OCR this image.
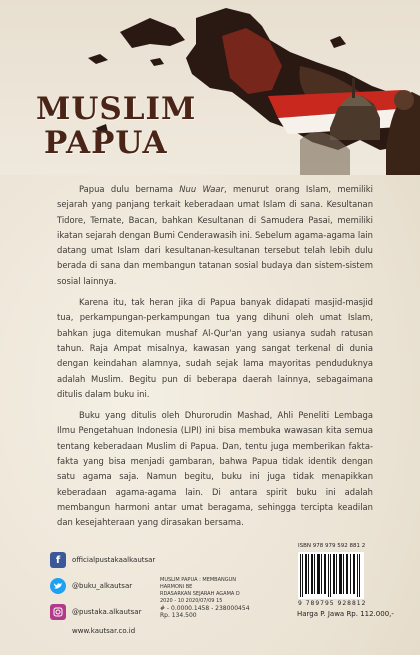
MUSLIM
PAPUA

Papua dulu bernama Nuu Waar, menurut orang Islam, memiliki sejarah yang panjang terkait keberadaan umat Islam di sana. Kesultanan Tidore, Ternate, Bacan, bahkan Kesultanan di Samudera Pasai, memiliki ikatan sejarah dengan Bumi Cenderawasih ini. Sebelum agama-agama lain datang umat Islam dari kesultanan-kesultanan tersebut telah lebih dulu berada di sana dan membangun tatanan sosial budaya dan sistem-sistem sosial lainnya.

Karena itu, tak heran jika di Papua banyak didapati masjid-masjid tua, perkampungan-perkampungan tua yang dihuni oleh umat Islam, bahkan juga ditemukan mushaf Al-Qur'an yang usianya sudah ratusan tahun. Raja Ampat misalnya, kawasan yang sangat terkenal di dunia dengan keindahan alamnya, sudah sejak lama mayoritas penduduknya adalah Muslim. Begitu pun di beberapa daerah lainnya, sebagaimana ditulis dalam buku ini.

Buku yang ditulis oleh Dhurorudin Mashad, Ahli Peneliti Lembaga Ilmu Pengetahuan Indonesia (LIPI) ini bisa membuka wawasan kita semua tentang keberadaan Muslim di Papua. Dan, tentu juga memberikan fakta-fakta yang bisa menjadi gambaran, bahwa Papua tidak identik dengan satu agama saja. Namun begitu, buku ini juga tidak menapikkan keberadaan agama-agama lain. Di antara spirit buku ini adalah membangun harmoni antar umat beragama, sehingga tercipta keadilan dan kesejahteraan yang dirasakan bersama.

f	officialpustakaalkautsar
@buku_alkautsar
@pustaka.alkautsar
www.kautsar.co.id
MUSLIM PAPUA : MEMBANGUN HARMONI BE
RDASARKAN SEJARAH AGAMA D
2020 - 10 2020/07/09 15
# - 0.0000.1458 - 238000454 Rp. 134.500
ISBN 978 979 592 881 2
9 789795 928812
Harga P. Jawa Rp. 112.000,-
